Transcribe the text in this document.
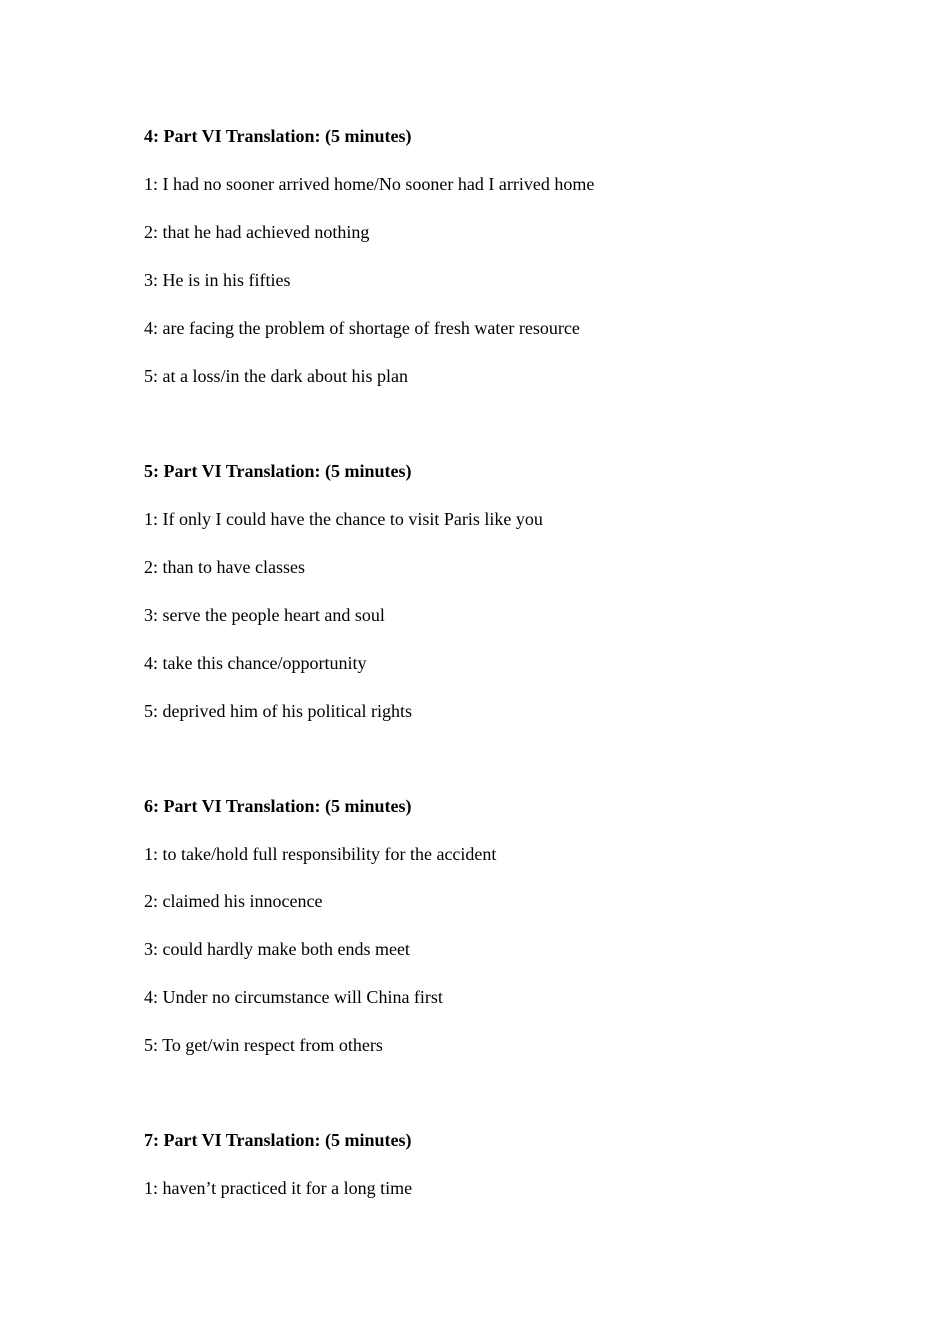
4: Part VI Translation: (5 minutes)
1: I had no sooner arrived home/No sooner had I arrived home
2: that he had achieved nothing
3: He is in his fifties
4: are facing the problem of shortage of fresh water resource
5: at a loss/in the dark about his plan
5: Part VI Translation: (5 minutes)
1: If only I could have the chance to visit Paris like you
2: than to have classes
3: serve the people heart and soul
4: take this chance/opportunity
5: deprived him of his political rights
6: Part VI Translation: (5 minutes)
1: to take/hold full responsibility for the accident
2: claimed his innocence
3: could hardly make both ends meet
4: Under no circumstance will China first
5: To get/win respect from others
7: Part VI Translation: (5 minutes)
1: haven’t practiced it for a long time
